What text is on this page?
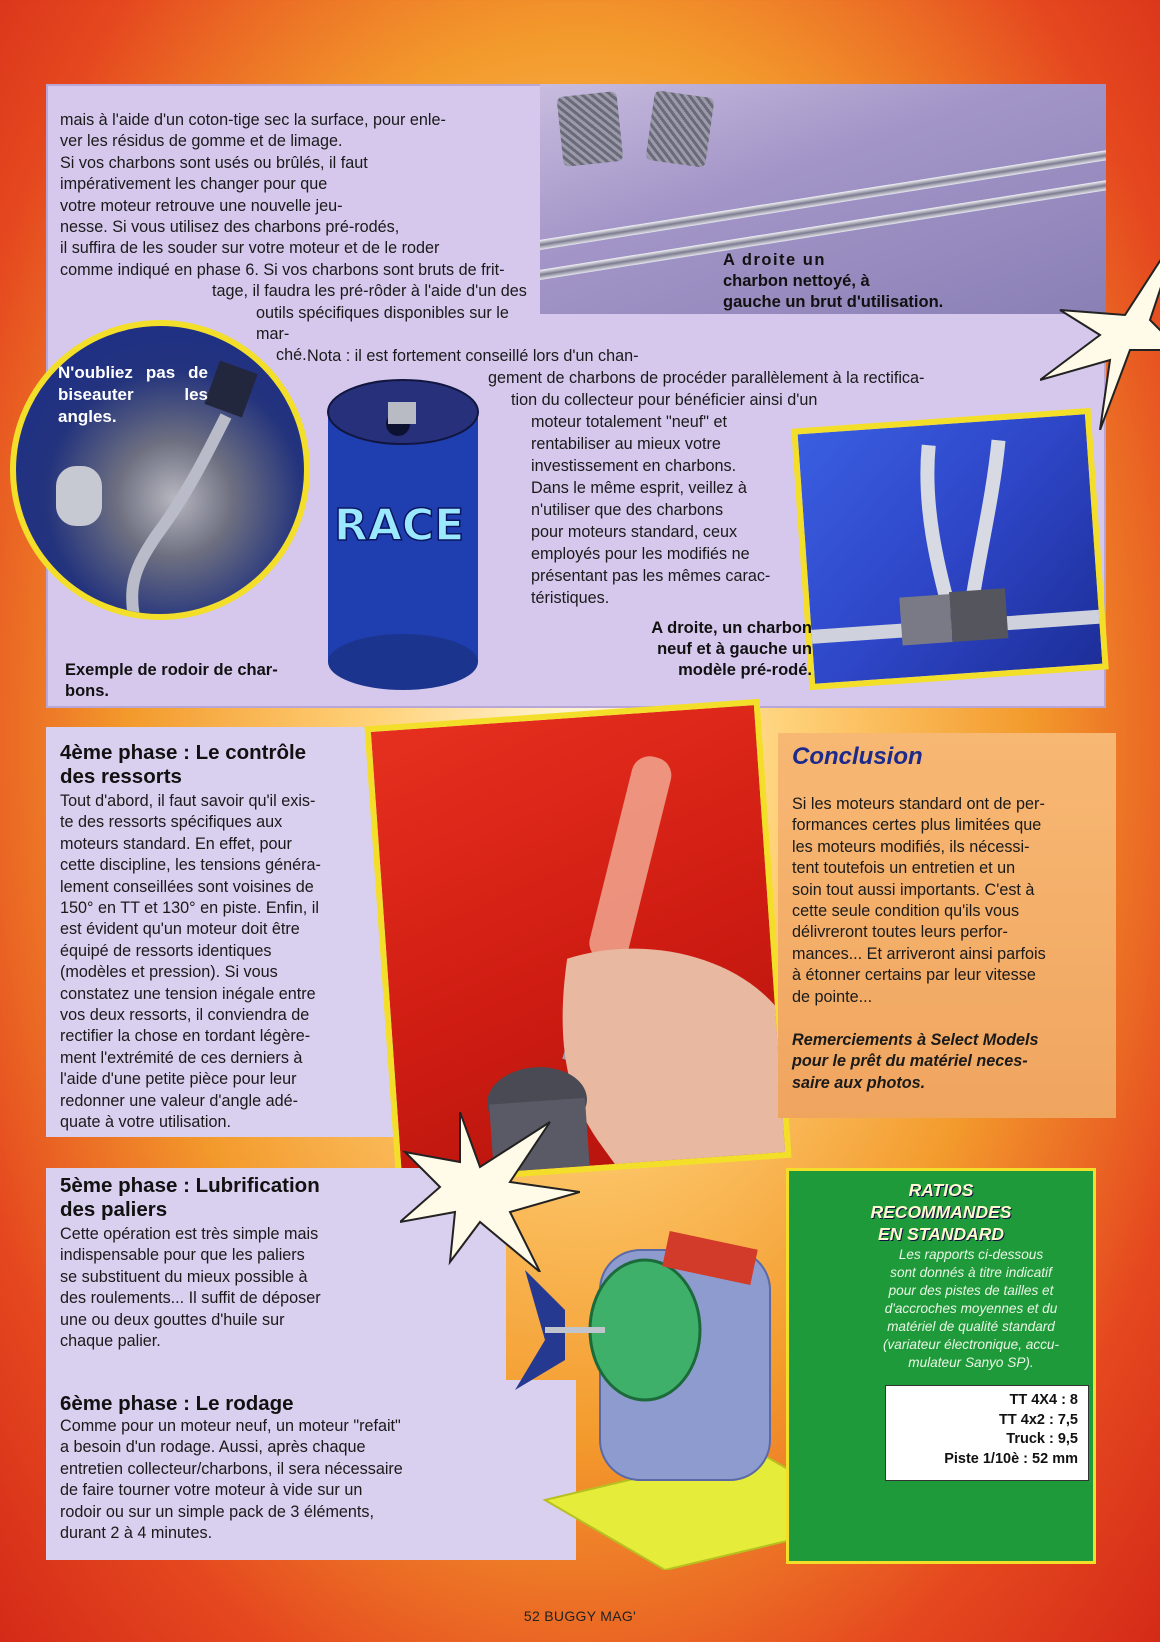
mais à l'aide d'un coton-tige sec la surface, pour enle-
ver les résidus de gomme et de limage.
Si vos charbons sont usés ou brûlés, il faut
impérativement les changer pour que
votre moteur retrouve une nouvelle jeu-
nesse. Si vous utilisez des charbons pré-rodés,
il suffira de les souder sur votre moteur et de le roder
comme indiqué en phase 6. Si vos charbons sont bruts de frit-
tage, il faudra les pré-rôder à l'aide d'un des
outils spécifiques disponibles sur le mar-
ché. Nota : il est fortement conseillé lors d'un chan-
gement de charbons de procéder parallèlement à la rectifica-
tion du collecteur pour bénéficier ainsi d'un
moteur totalement "neuf" et
rentabiliser au mieux votre
investissement en charbons.
Dans le même esprit, veillez à
n'utiliser que des charbons
pour moteurs standard, ceux
employés pour les modifiés ne
présentant pas les mêmes carac-
téristiques.
A droite un
charbon nettoyé, à
gauche un brut d'utilisation.
N'oubliez pas de biseauter les angles.
RACE
Exemple de rodoir de char-
bons.
A droite, un charbon
neuf et à gauche un
modèle pré-rodé.
4ème phase : Le contrôle
des ressorts
Tout d'abord, il faut savoir qu'il exis-
te des ressorts spécifiques aux
moteurs standard. En effet, pour
cette discipline, les tensions généra-
lement conseillées sont voisines de
150° en TT et 130° en piste. Enfin, il
est évident qu'un moteur doit être
équipé de ressorts identiques
(modèles et pression). Si vous
constatez une tension inégale entre
vos deux ressorts, il conviendra de
rectifier la chose en tordant légère-
ment l'extrémité de ces derniers à
l'aide d'une petite pièce pour leur
redonner une valeur d'angle adé-
quate à votre utilisation.
Conclusion
Si les moteurs standard ont de per-
formances certes plus limitées que
les moteurs modifiés, ils nécessi-
tent toutefois un entretien et un
soin tout aussi importants. C'est à
cette seule condition qu'ils vous
délivreront toutes leurs perfor-
mances... Et arriveront ainsi parfois
à étonner certains par leur vitesse
de pointe...
Remerciements à Select Models
pour le prêt du matériel neces-
saire aux photos.
5ème phase : Lubrification
des paliers
Cette opération est très simple mais
indispensable pour que les paliers
se substituent du mieux possible à
des roulements... Il suffit de déposer
une ou deux gouttes d'huile sur
chaque palier.
6ème phase : Le rodage
Comme pour un moteur neuf, un moteur "refait"
a besoin d'un rodage. Aussi, après chaque
entretien collecteur/charbons, il sera nécessaire
de faire tourner votre moteur à vide sur un
rodoir ou sur un simple pack de 3 éléments,
durant 2 à 4 minutes.
RATIOS
RECOMMANDES
EN STANDARD
Les rapports ci-dessous
sont donnés à titre indicatif
pour des pistes de tailles et
d'accroches moyennes et du
matériel de qualité standard
(variateur électronique, accu-
mulateur Sanyo SP).
TT 4X4 : 8
TT 4x2 : 7,5
Truck : 9,5
Piste 1/10è : 52 mm
52 BUGGY MAG'
